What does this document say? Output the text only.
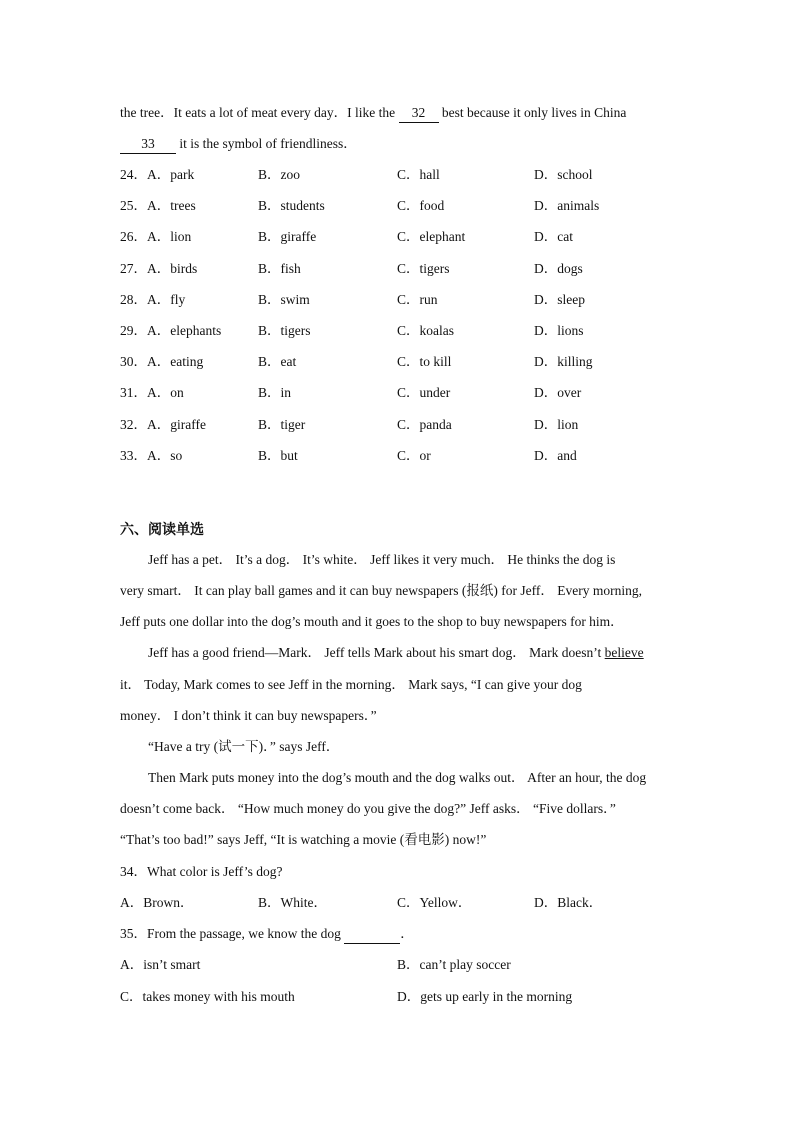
the tree．It eats a lot of meat every day．I like the 32 best because it only lives in China
33 it is the symbol of friendliness．
24．A．park	B．zoo	C．hall	D．school
25．A．trees	B．students	C．food	D．animals
26．A．lion	B．giraffe	C．elephant	D．cat
27．A．birds	B．fish	C．tigers	D．dogs
28．A．fly	B．swim	C．run	D．sleep
29．A．elephants	B．tigers	C．koalas	D．lions
30．A．eating	B．eat	C．to kill	D．killing
31．A．on	B．in	C．under	D．over
32．A．giraffe	B．tiger	C．panda	D．lion
33．A．so	B．but	C．or	D．and
六、阅读单选
Jeff has a pet． It’s a dog． It’s white． Jeff likes it very much． He thinks the dog is
very smart． It can play ball games and it can buy newspapers (报纸) for Jeff． Every morning,
Jeff puts one dollar into the dog’s mouth and it goes to the shop to buy newspapers for him．
Jeff has a good friend—Mark． Jeff tells Mark about his smart dog． Mark doesn’t believe
it． Today, Mark comes to see Jeff in the morning． Mark says, “I can give your dog
money． I don’t think it can buy newspapers．”
“Have a try (试一下)．” says Jeff．
Then Mark puts money into the dog’s mouth and the dog walks out． After an hour, the dog
doesn’t come back． “How much money do you give the dog?” Jeff asks． “Five dollars．”
“That’s too bad!” says Jeff, “It is watching a movie (看电影) now!”
34．What color is Jeff’s dog?
A．Brown．	B．White．	C．Yellow．	D．Black．
35．From the passage, we know the dog	．
A．isn’t smart	B．can’t play soccer
C．takes money with his mouth	D．gets up early in the morning
